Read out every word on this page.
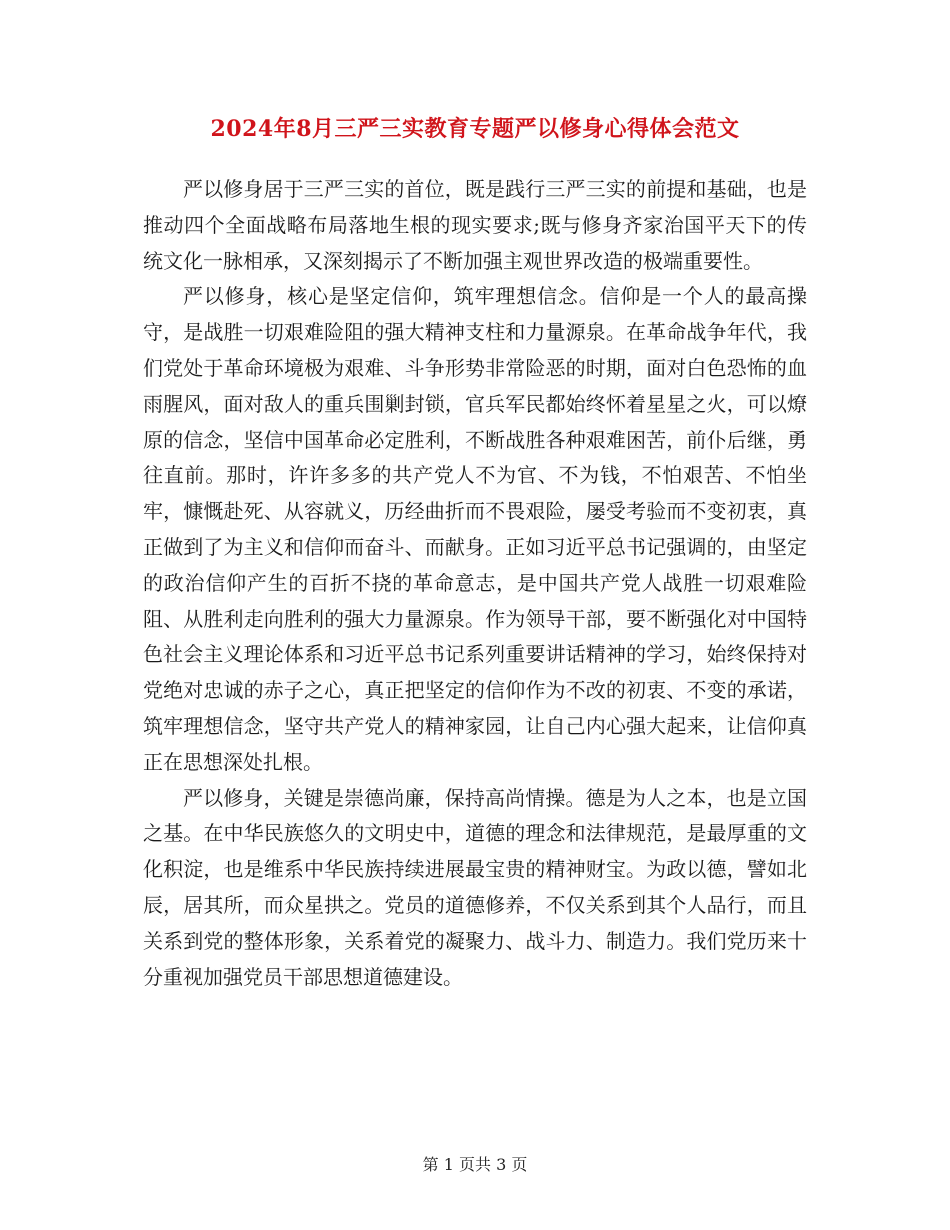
2024年8月三严三实教育专题严以修身心得体会范文

严以修身居于三严三实的首位，既是践行三严三实的前提和基础，也是推动四个全面战略布局落地生根的现实要求;既与修身齐家治国平天下的传统文化一脉相承，又深刻揭示了不断加强主观世界改造的极端重要性。

严以修身，核心是坚定信仰，筑牢理想信念。信仰是一个人的最高操守，是战胜一切艰难险阻的强大精神支柱和力量源泉。在革命战争年代，我们党处于革命环境极为艰难、斗争形势非常险恶的时期，面对白色恐怖的血雨腥风，面对敌人的重兵围剿封锁，官兵军民都始终怀着星星之火，可以燎原的信念，坚信中国革命必定胜利，不断战胜各种艰难困苦，前仆后继，勇往直前。那时，许许多多的共产党人不为官、不为钱，不怕艰苦、不怕坐牢，慷慨赴死、从容就义，历经曲折而不畏艰险，屡受考验而不变初衷，真正做到了为主义和信仰而奋斗、而献身。正如习近平总书记强调的，由坚定的政治信仰产生的百折不挠的革命意志，是中国共产党人战胜一切艰难险阻、从胜利走向胜利的强大力量源泉。作为领导干部，要不断强化对中国特色社会主义理论体系和习近平总书记系列重要讲话精神的学习，始终保持对党绝对忠诚的赤子之心，真正把坚定的信仰作为不改的初衷、不变的承诺，筑牢理想信念，坚守共产党人的精神家园，让自己内心强大起来，让信仰真正在思想深处扎根。

严以修身，关键是崇德尚廉，保持高尚情操。德是为人之本，也是立国之基。在中华民族悠久的文明史中，道德的理念和法律规范，是最厚重的文化积淀，也是维系中华民族持续进展最宝贵的精神财宝。为政以德，譬如北辰，居其所，而众星拱之。党员的道德修养，不仅关系到其个人品行，而且关系到党的整体形象，关系着党的凝聚力、战斗力、制造力。我们党历来十分重视加强党员干部思想道德建设。

第 1 页共 3 页
